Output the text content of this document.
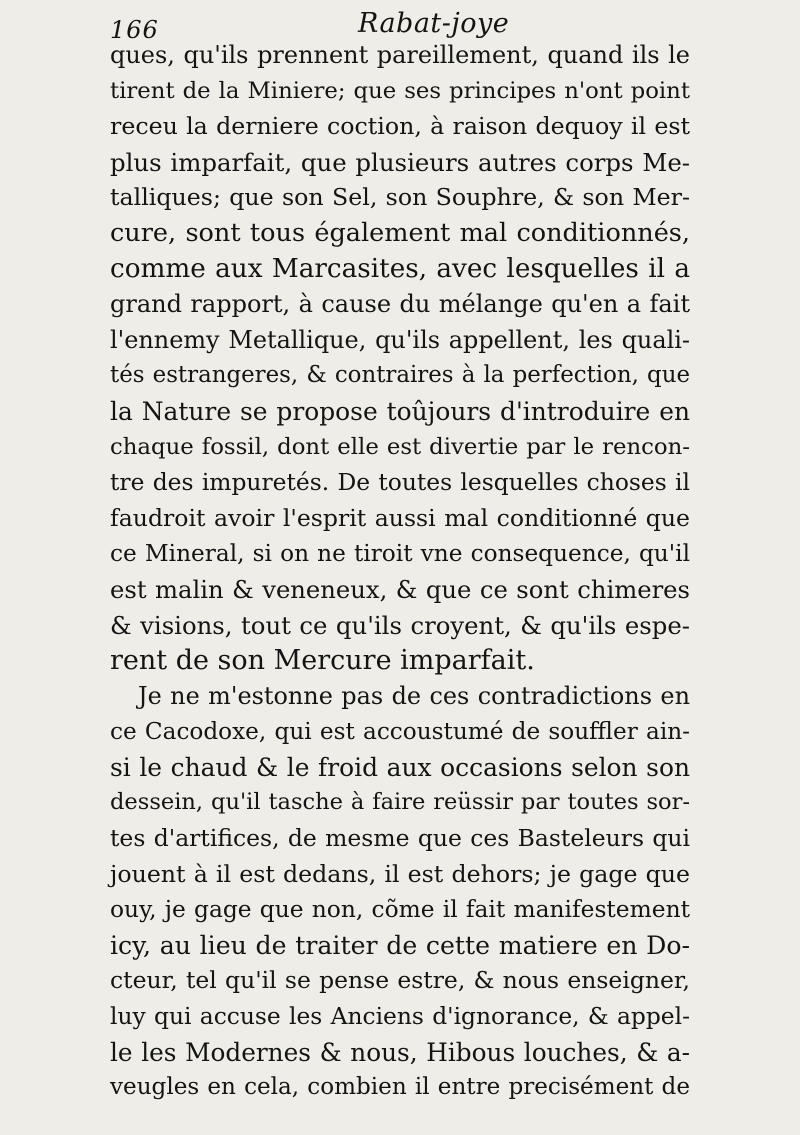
166	Rabat-joye
ques, qu'ils prennent pareillement, quand ils le
tirent de la Miniere; que ses principes n'ont point
receu la derniere coction, à raison dequoy il est
plus imparfait, que plusieurs autres corps Me-
talliques; que son Sel, son Souphre, & son Mer-
cure, sont tous également mal conditionnés,
comme aux Marcasites, avec lesquelles il a
grand rapport, à cause du mélange qu'en a fait
l'ennemy Metallique, qu'ils appellent, les quali-
tés estrangeres, & contraires à la perfection, que
la Nature se propose toûjours d'introduire en
chaque fossil, dont elle est divertie par le rencon-
tre des impuretés. De toutes lesquelles choses il
faudroit avoir l'esprit aussi mal conditionné que
ce Mineral, si on ne tiroit vne consequence, qu'il
est malin & veneneux, & que ce sont chimeres
& visions, tout ce qu'ils croyent, & qu'ils espe-
rent de son Mercure imparfait.
Je ne m'estonne pas de ces contradictions en
ce Cacodoxe, qui est accoustumé de souffler ain-
si le chaud & le froid aux occasions selon son
dessein, qu'il tasche à faire reüssir par toutes sor-
tes d'artifices, de mesme que ces Basteleurs qui
jouent à il est dedans, il est dehors; je gage que
ouy, je gage que non, cõme il fait manifestement
icy, au lieu de traiter de cette matiere en Do-
cteur, tel qu'il se pense estre, & nous enseigner,
luy qui accuse les Anciens d'ignorance, & appel-
le les Modernes & nous, Hibous louches, & a-
veugles en cela, combien il entre precisément de
